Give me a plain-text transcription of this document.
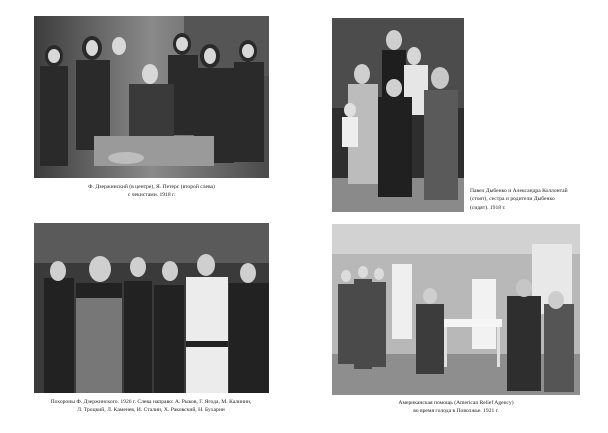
Ф. Дзержинский (в центре), Я. Петерс (второй слева)
с чекистами. 1918 г.

Павел Дыбенко и Александра Коллонтай
(стоят), сестра и родители Дыбенко
(сидят). 1918 г.

Похороны Ф. Дзержинского. 1926 г. Слева направо: А. Рыков, Г. Ягода, М. Калинин,
Л. Троцкий, Л. Каменев, И. Сталин, Х. Раковский, Н. Бухарин

Американская помощь (American Relief Agency)
во время голода в Поволжье. 1921 г.
